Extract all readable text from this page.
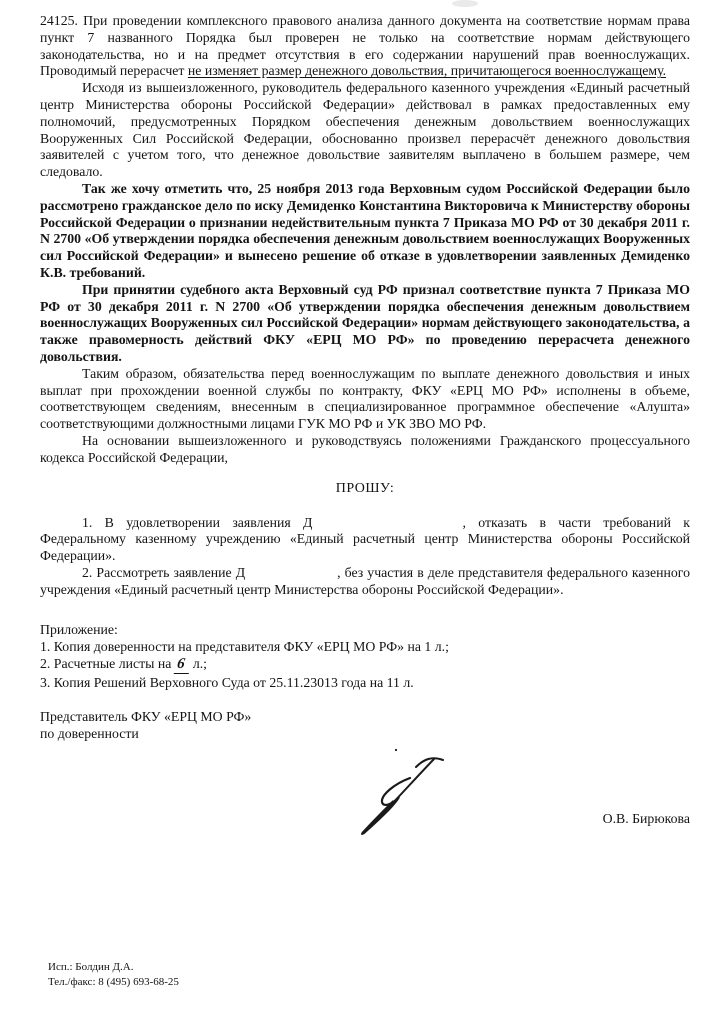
24125. При проведении комплексного правового анализа данного документа на соответствие нормам права пункт 7 названного Порядка был проверен не только на соответствие нормам действующего законодательства, но и на предмет отсутствия в его содержании нарушений прав военнослужащих. Проводимый перерасчет не изменяет размер денежного довольствия, причитающегося военнослужащему.

Исходя из вышеизложенного, руководитель федерального казенного учреждения «Единый расчетный центр Министерства обороны Российской Федерации» действовал в рамках предоставленных ему полномочий, предусмотренных Порядком обеспечения денежным довольствием военнослужащих Вооруженных Сил Российской Федерации, обоснованно произвел перерасчёт денежного довольствия заявителей с учетом того, что денежное довольствие заявителям выплачено в большем размере, чем следовало.

Так же хочу отметить что, 25 ноября 2013 года Верховным судом Российской Федерации было рассмотрено гражданское дело по иску Демиденко Константина Викторовича к Министерству обороны Российской Федерации о признании недействительным пункта 7 Приказа МО РФ от 30 декабря 2011 г. N 2700 «Об утверждении порядка обеспечения денежным довольствием военнослужащих Вооруженных сил Российской Федерации» и вынесено решение об отказе в удовлетворении заявленных Демиденко К.В. требований.

При принятии судебного акта Верховный суд РФ признал соответствие пункта 7 Приказа МО РФ от 30 декабря 2011 г. N 2700 «Об утверждении порядка обеспечения денежным довольствием военнослужащих Вооруженных сил Российской Федерации» нормам действующего законодательства, а также правомерность действий ФКУ «ЕРЦ МО РФ» по проведению перерасчета денежного довольствия.

Таким образом, обязательства перед военнослужащим по выплате денежного довольствия и иных выплат при прохождении военной службы по контракту, ФКУ «ЕРЦ МО РФ» исполнены в объеме, соответствующем сведениям, внесенным в специализированное программное обеспечение «Алушта» соответствующими должностными лицами ГУК МО РФ и УК ЗВО МО РФ.

На основании вышеизложенного и руководствуясь положениями Гражданского процессуального кодекса Российской Федерации,

ПРОШУ:

1. В удовлетворении заявления Д	, отказать в части требований к Федеральному казенному учреждению «Единый расчетный центр Министерства обороны Российской Федерации».

2. Рассмотреть заявление Д	, без участия в деле представителя федерального казенного учреждения «Единый расчетный центр Министерства обороны Российской Федерации».

Приложение:

1. Копия доверенности на представителя ФКУ «ЕРЦ МО РФ» на 1 л.;

2. Расчетные листы на 6 л.;

3. Копия Решений Верховного Суда от 25.11.23013 года на 11 л.

Представитель ФКУ «ЕРЦ МО РФ»

по доверенности

О.В. Бирюкова
Исп.: Болдин Д.А.
Тел./факс: 8 (495) 693-68-25
